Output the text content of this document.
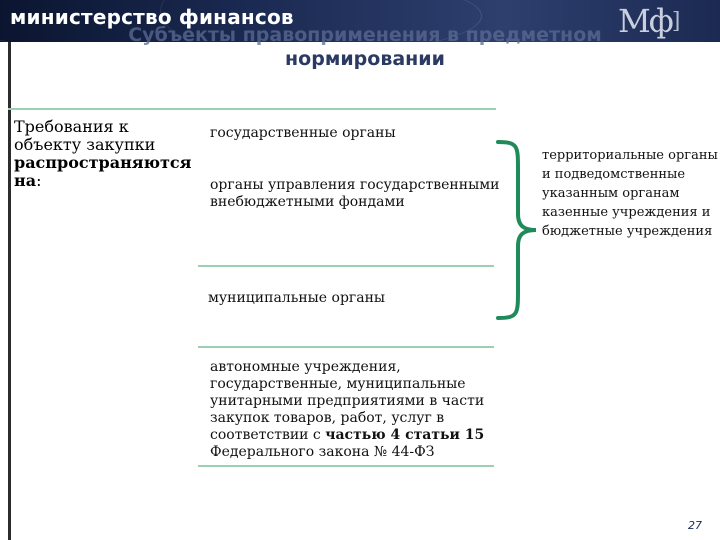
министерство финансов	Мф]
Субъекты правоприменения в предметном
нормировании
Требования к объекту закупки распространяются на:
государственные органы
органы управления государственными внебюджетными фондами
муниципальные органы
автономные учреждения, государственные, муниципальные унитарными предприятиями в части закупок товаров, работ, услуг в соответствии с частью 4 статьи 15 Федерального закона № 44-ФЗ
территориальные органы и подведомственные указанным органам казенные учреждения и бюджетные учреждения
27
